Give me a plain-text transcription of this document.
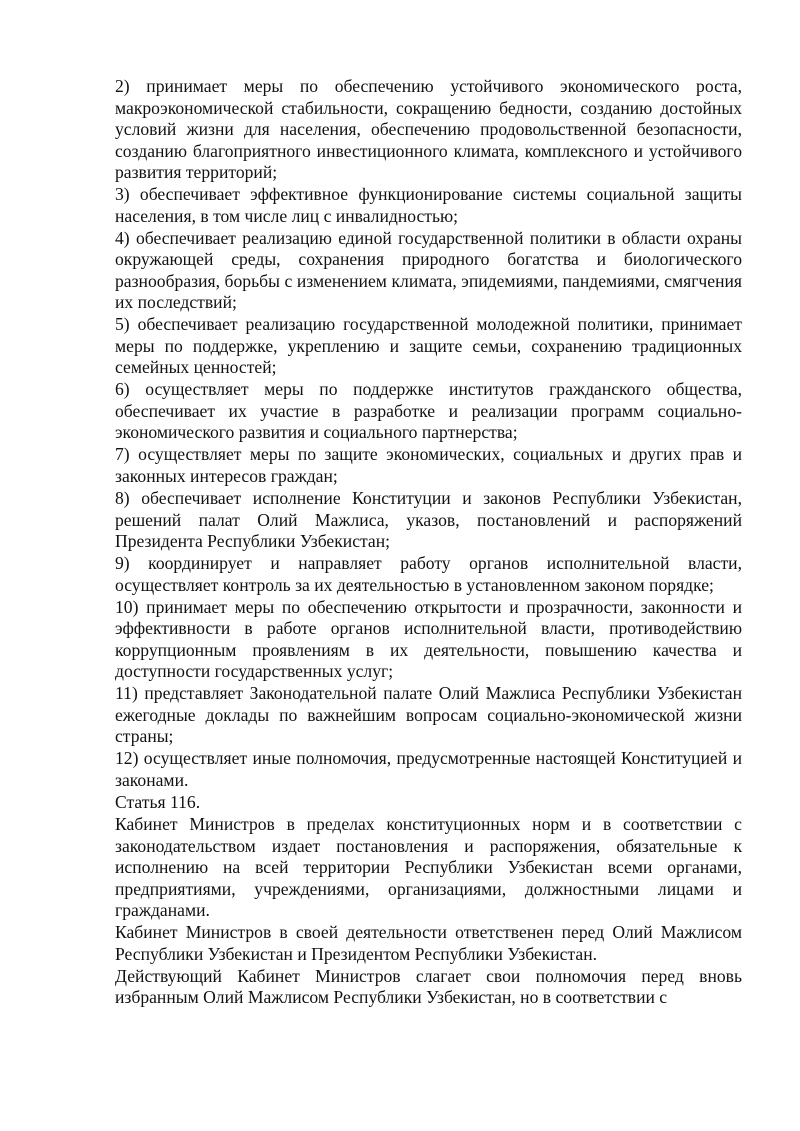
2) принимает меры по обеспечению устойчивого экономического роста, макроэкономической стабильности, сокращению бедности, созданию достойных условий жизни для населения, обеспечению продовольственной безопасности, созданию благоприятного инвестиционного климата, комплексного и устойчивого развития территорий;

3) обеспечивает эффективное функционирование системы социальной защиты населения, в том числе лиц с инвалидностью;

4) обеспечивает реализацию единой государственной политики в области охраны окружающей среды, сохранения природного богатства и биологического разнообразия, борьбы с изменением климата, эпидемиями, пандемиями, смягчения их последствий;

5) обеспечивает реализацию государственной молодежной политики, принимает меры по поддержке, укреплению и защите семьи, сохранению традиционных семейных ценностей;

6) осуществляет меры по поддержке институтов гражданского общества, обеспечивает их участие в разработке и реализации программ социально-экономического развития и социального партнерства;

7) осуществляет меры по защите экономических, социальных и других прав и законных интересов граждан;

8) обеспечивает исполнение Конституции и законов Республики Узбекистан, решений палат Олий Мажлиса, указов, постановлений и распоряжений Президента Республики Узбекистан;

9) координирует и направляет работу органов исполнительной власти, осуществляет контроль за их деятельностью в установленном законом порядке;

10) принимает меры по обеспечению открытости и прозрачности, законности и эффективности в работе органов исполнительной власти, противодействию коррупционным проявлениям в их деятельности, повышению качества и доступности государственных услуг;

11) представляет Законодательной палате Олий Мажлиса Республики Узбекистан ежегодные доклады по важнейшим вопросам социально-экономической жизни страны;

12) осуществляет иные полномочия, предусмотренные настоящей Конституцией и законами.

Статья 116.

Кабинет Министров в пределах конституционных норм и в соответствии с законодательством издает постановления и распоряжения, обязательные к исполнению на всей территории Республики Узбекистан всеми органами, предприятиями, учреждениями, организациями, должностными лицами и гражданами.

Кабинет Министров в своей деятельности ответственен перед Олий Мажлисом Республики Узбекистан и Президентом Республики Узбекистан.

Действующий Кабинет Министров слагает свои полномочия перед вновь избранным Олий Мажлисом Республики Узбекистан, но в соответствии с
